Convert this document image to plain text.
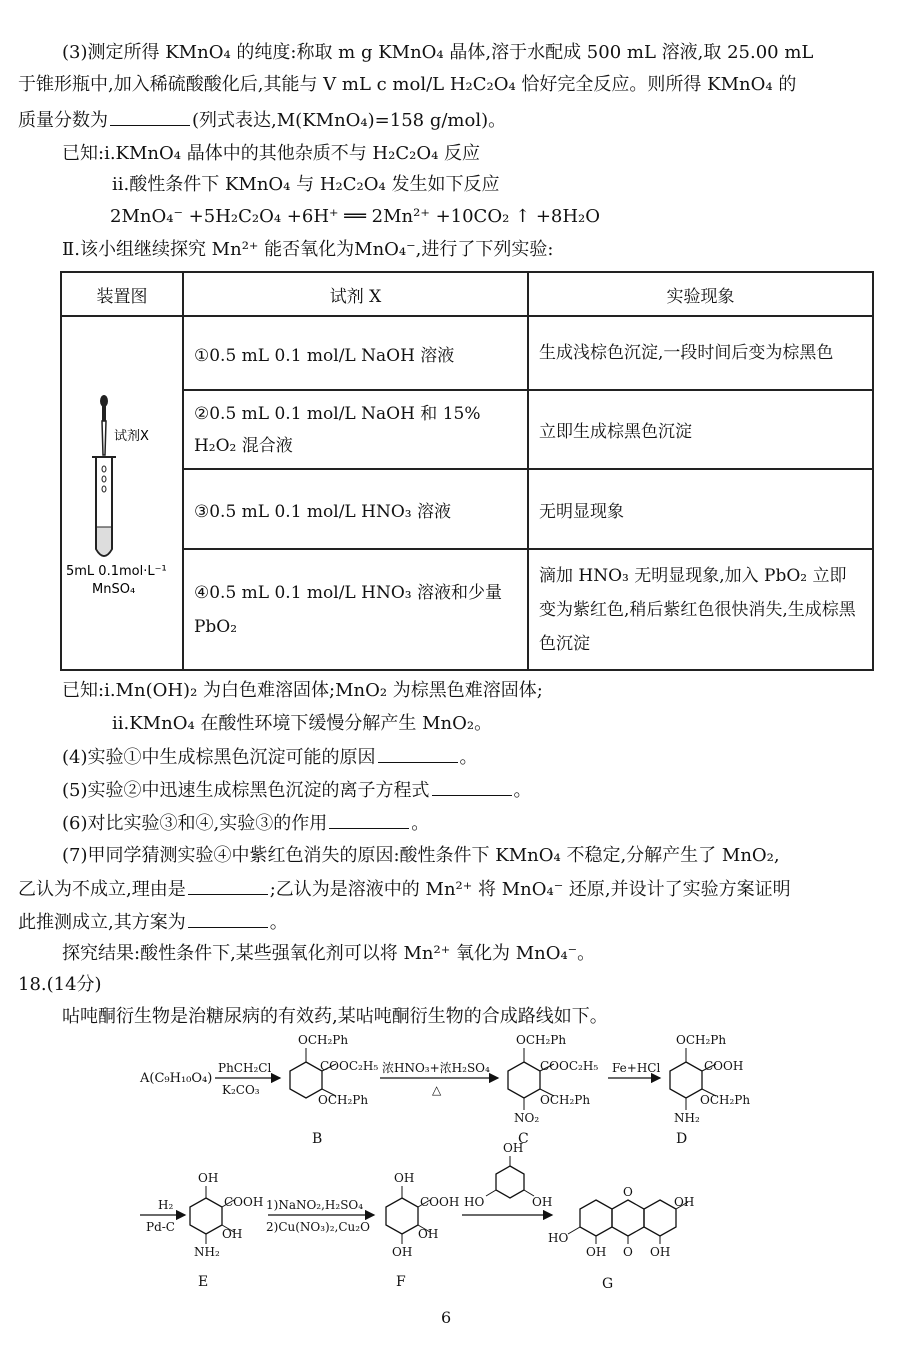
(3)测定所得 KMnO₄ 的纯度:称取 m g KMnO₄ 晶体,溶于水配成 500 mL 溶液,取 25.00 mL
于锥形瓶中,加入稀硫酸酸化后,其能与 V mL c mol/L H₂C₂O₄ 恰好完全反应。则所得 KMnO₄ 的
质量分数为	(列式表达,M(KMnO₄)=158 g/mol)。
已知:ⅰ.KMnO₄ 晶体中的其他杂质不与 H₂C₂O₄ 反应
ⅱ.酸性条件下 KMnO₄ 与 H₂C₂O₄ 发生如下反应
2MnO₄⁻ +5H₂C₂O₄ +6H⁺ ══ 2Mn²⁺ +10CO₂ ↑ +8H₂O
Ⅱ.该小组继续探究 Mn²⁺ 能否氧化为MnO₄⁻,进行了下列实验:
装置图	试剂 X	实验现象

试剂X
5mL 0.1mol·L⁻¹
MnSO₄	①0.5 mL 0.1 mol/L NaOH 溶液	生成浅棕色沉淀,一段时间后变为棕黑色
	②0.5 mL 0.1 mol/L NaOH 和 15% H₂O₂ 混合液	立即生成棕黑色沉淀
	③0.5 mL 0.1 mol/L HNO₃ 溶液	无明显现象
	④0.5 mL 0.1 mol/L HNO₃ 溶液和少量 PbO₂	滴加 HNO₃ 无明显现象,加入 PbO₂ 立即变为紫红色,稍后紫红色很快消失,生成棕黑色沉淀
已知:ⅰ.Mn(OH)₂ 为白色难溶固体;MnO₂ 为棕黑色难溶固体;
ⅱ.KMnO₄ 在酸性环境下缓慢分解产生 MnO₂。
(4)实验①中生成棕黑色沉淀可能的原因	。
(5)实验②中迅速生成棕黑色沉淀的离子方程式	。
(6)对比实验③和④,实验③的作用	。
(7)甲同学猜测实验④中紫红色消失的原因:酸性条件下 KMnO₄ 不稳定,分解产生了 MnO₂,
乙认为不成立,理由是	;乙认为是溶液中的 Mn²⁺ 将 MnO₄⁻ 还原,并设计了实验方案证明
此推测成立,其方案为	。
探究结果:酸性条件下,某些强氧化剂可以将 Mn²⁺ 氧化为 MnO₄⁻。
18.(14分)
呫吨酮衍生物是治糖尿病的有效药,某呫吨酮衍生物的合成路线如下。
A(C₉H₁₀O₄)
PhCH₂Cl
K₂CO₃
OCH₂Ph
COOC₂H₅
OCH₂Ph
B
浓HNO₃+浓H₂SO₄
△
OCH₂Ph
COOC₂H₅
OCH₂Ph
NO₂
C
Fe+HCl
OCH₂Ph
COOH
OCH₂Ph
NH₂
D
H₂
Pd-C
OH
COOH
OH
NH₂
E
1)NaNO₂,H₂SO₄
2)Cu(NO₃)₂,Cu₂O
OH
COOH
OH
OH
F
OH
HO	OH
O
O
OH
HO
OH	OH
G
6
